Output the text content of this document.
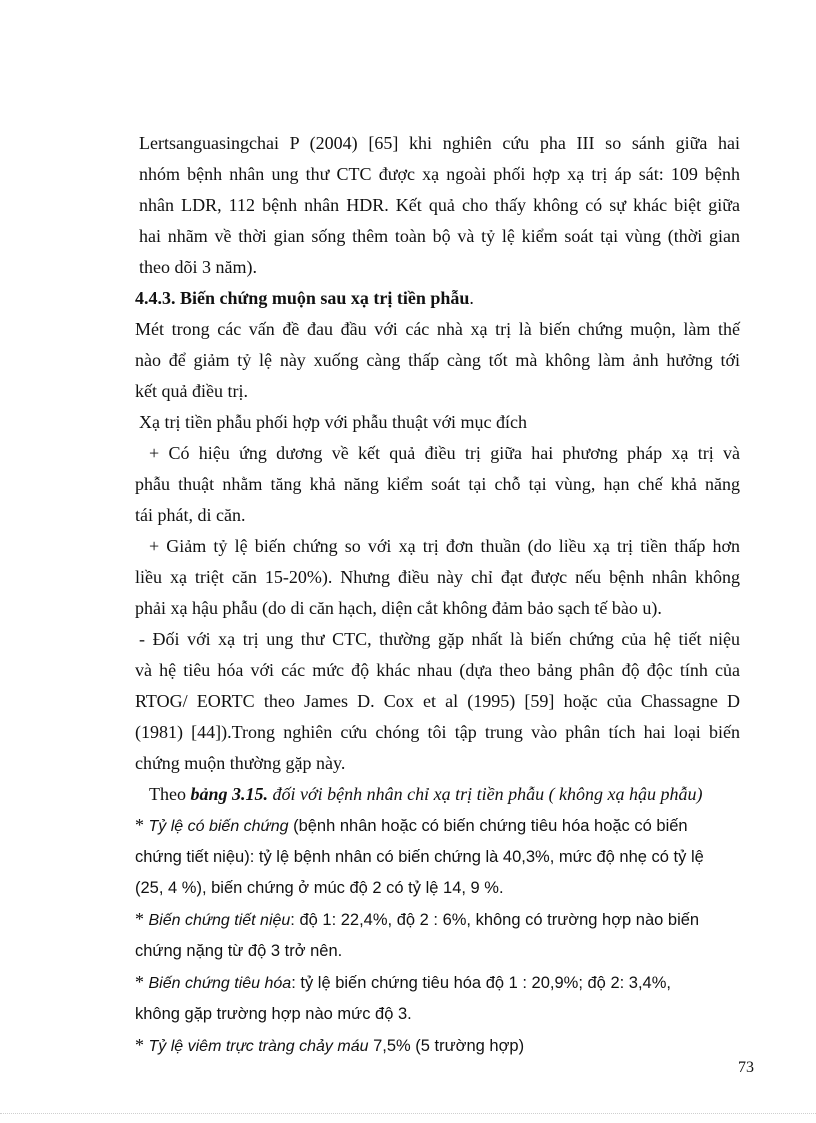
Lertsanguasingchai P (2004) [65] khi nghiên cứu pha III so sánh giữa hai

nhóm bệnh nhân ung thư CTC được xạ ngoài phối hợp xạ trị áp sát: 109 bệnh

nhân LDR, 112 bệnh nhân HDR. Kết quả cho thấy không có sự khác biệt giữa

hai nhãm về thời gian sống thêm toàn bộ và tỷ lệ kiểm soát tại vùng (thời gian

theo dõi 3 năm).

4.4.3. Biến chứng muộn sau xạ trị tiền phẫu.

Mét trong các vấn đề đau đầu với các nhà xạ trị là biến chứng muộn, làm thế

nào để giảm tỷ lệ này xuống càng thấp càng tốt mà không làm ảnh hưởng tới

kết quả điều trị.

Xạ trị tiền phẫu phối hợp với phẫu thuật với mục đích

+ Có hiệu ứng dương về kết quả điều trị giữa hai phương pháp xạ trị và

phẫu thuật nhằm tăng khả năng kiểm soát tại chỗ tại vùng, hạn chế khả năng

tái phát, di căn.

+ Giảm tỷ lệ biến chứng so với xạ trị đơn thuần (do liều xạ trị tiền thấp hơn

liều xạ triệt căn 15-20%). Nhưng điều này chỉ đạt được nếu bệnh nhân không

phải xạ hậu phẫu (do di căn hạch, diện cắt không đảm bảo sạch tế bào u).

- Đối với xạ trị ung thư CTC, thường gặp nhất là biến chứng của hệ tiết niệu

và hệ tiêu hóa với các mức độ khác nhau (dựa theo bảng phân độ độc tính của

RTOG/ EORTC theo James D. Cox et al (1995) [59] hoặc của Chassagne D

(1981) [44]).Trong nghiên cứu chóng tôi tập trung vào phân tích hai loại biến

chứng muộn thường gặp này.

Theo bảng 3.15. đối với bệnh nhân chỉ xạ trị tiền phẫu ( không xạ hậu phẫu)

* Tỷ lệ có biến chứng (bệnh nhân hoặc có biến chứng tiêu hóa hoặc có biến

chứng tiết niệu): tỷ lệ bệnh nhân có biến chứng là 40,3%, mức độ nhẹ có tỷ lệ

(25, 4 %), biến chứng ở múc độ 2 có tỷ lệ 14, 9 %.

* Biến chứng tiết niệu: độ 1: 22,4%, độ 2 : 6%, không có trường hợp nào biến

chứng nặng từ độ 3 trở nên.

* Biến chứng tiêu hóa: tỷ lệ biến chứng tiêu hóa độ 1 : 20,9%; độ 2: 3,4%,

không gặp trường hợp nào mức độ 3.

* Tỷ lệ viêm trực tràng chảy máu 7,5% (5 trường hợp)

73
